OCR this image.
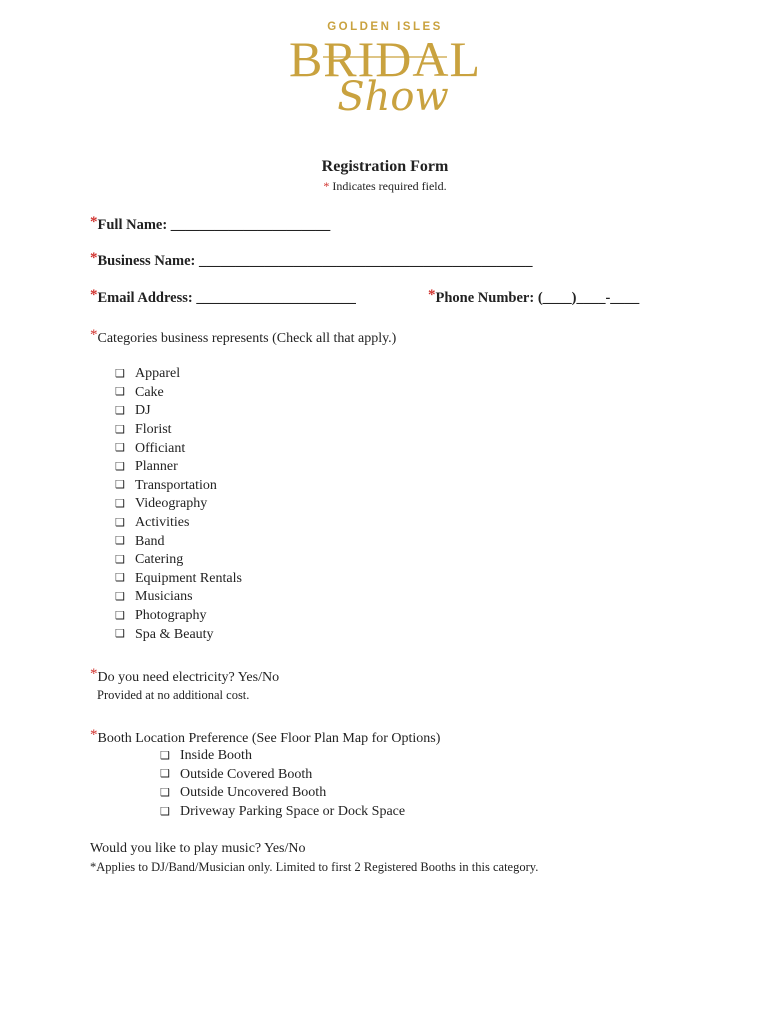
GOLDEN ISLES
BRIDAL
Show
Registration Form
* Indicates required field.
*Full Name: ______________________
*Business Name: ______________________________________________
*Email Address: ______________________	*Phone Number: (____)____-____
*Categories business represents (Check all that apply.)
❑ Apparel
❑ Cake
❑ DJ
❑ Florist
❑ Officiant
❑ Planner
❑ Transportation
❑ Videography
❑ Activities
❑ Band
❑ Catering
❑ Equipment Rentals
❑ Musicians
❑ Photography
❑ Spa & Beauty
*Do you need electricity? Yes/No
Provided at no additional cost.
*Booth Location Preference (See Floor Plan Map for Options)
❑ Inside Booth
❑ Outside Covered Booth
❑ Outside Uncovered Booth
❑ Driveway Parking Space or Dock Space
Would you like to play music? Yes/No
*Applies to DJ/Band/Musician only. Limited to first 2 Registered Booths in this category.
